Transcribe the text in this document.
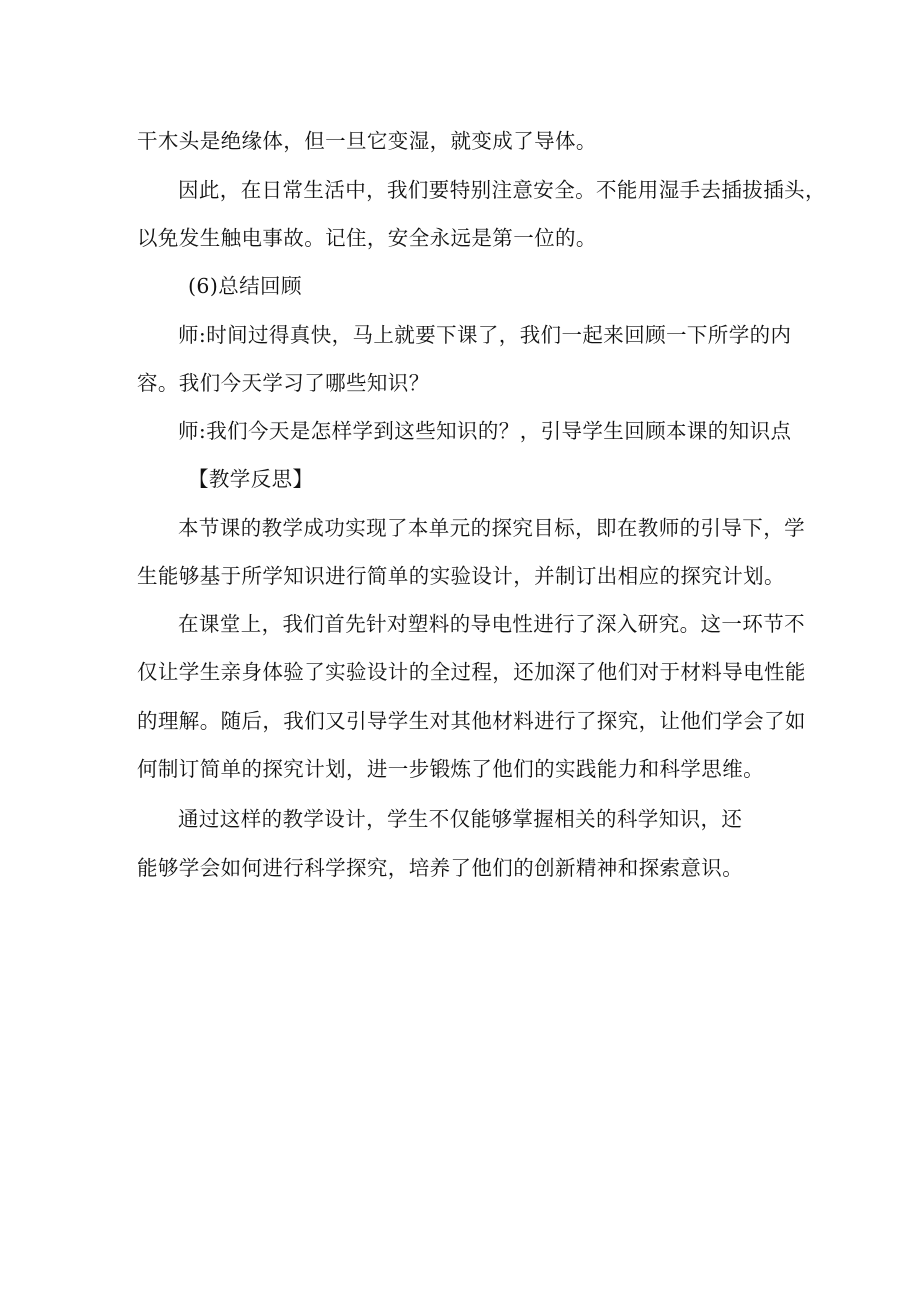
干木头是绝缘体，但一旦它变湿，就变成了导体。
因此，在日常生活中，我们要特别注意安全。不能用湿手去插拔插头，
以免发生触电事故。记住，安全永远是第一位的。
(6)总结回顾
师:时间过得真快，马上就要下课了，我们一起来回顾一下所学的内
容。我们今天学习了哪些知识？
师:我们今天是怎样学到这些知识的？，引导学生回顾本课的知识点
【教学反思】
本节课的教学成功实现了本单元的探究目标，即在教师的引导下，学
生能够基于所学知识进行简单的实验设计，并制订出相应的探究计划。
在课堂上，我们首先针对塑料的导电性进行了深入研究。这一环节不
仅让学生亲身体验了实验设计的全过程，还加深了他们对于材料导电性能
的理解。随后，我们又引导学生对其他材料进行了探究，让他们学会了如
何制订简单的探究计划，进一步锻炼了他们的实践能力和科学思维。
通过这样的教学设计，学生不仅能够掌握相关的科学知识，还
能够学会如何进行科学探究，培养了他们的创新精神和探索意识。
